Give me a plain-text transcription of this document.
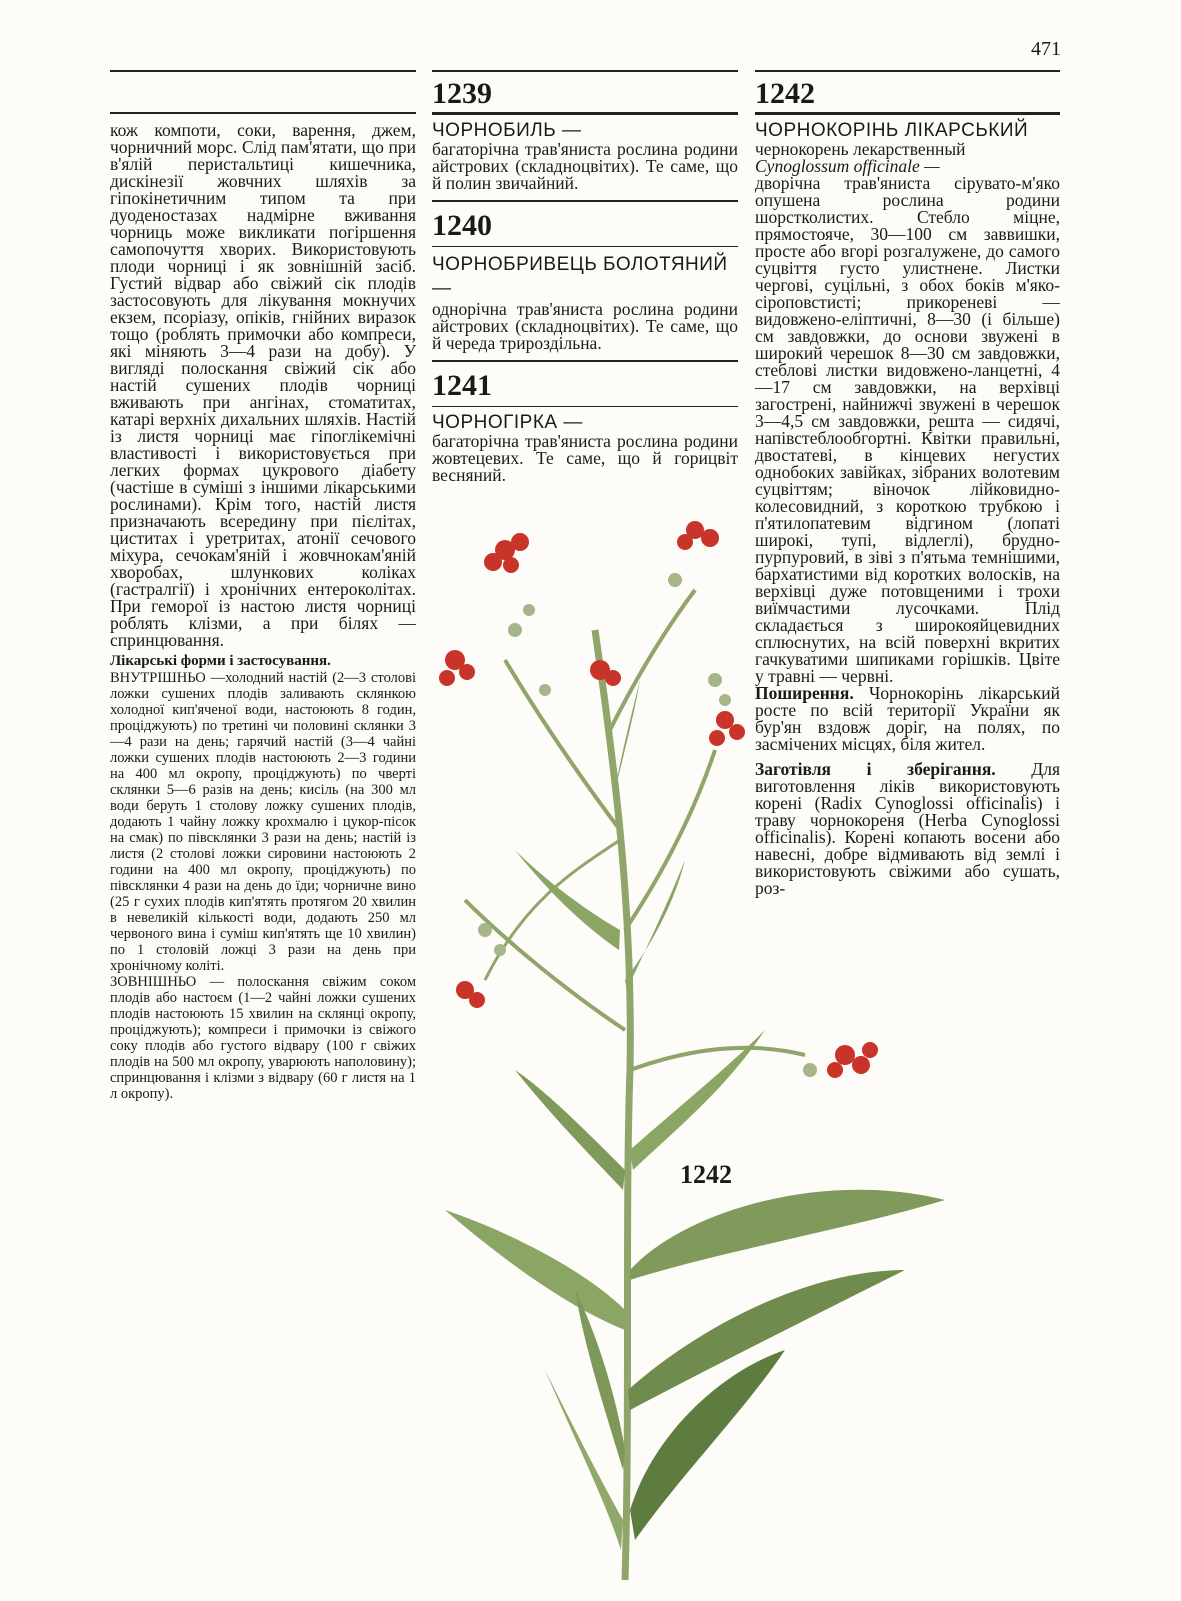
471

кож компоти, соки, варення, джем, чорничний морс. Слід пам'ятати, що при в'ялій перистальтиці кишечника, дискінезії жовчних шляхів за гіпокінетичним типом та при дуоденостазах надмірне вживання чорниць може викликати погіршення самопочуття хворих. Використовують плоди чорниці і як зовнішній засіб. Густий відвар або свіжий сік плодів застосовують для лікування мокнучих екзем, псоріазу, опіків, гнійних виразок тощо (роблять примочки або компреси, які міняють 3—4 рази на добу). У вигляді полоскання свіжий сік або настій сушених плодів чорниці вживають при ангінах, стоматитах, катарі верхніх дихальних шляхів. Настій із листя чорниці має гіпоглікемічні властивості і використовується при легких формах цукрового діабету (частіше в суміші з іншими лікарськими рослинами). Крім того, настій листя призначають всередину при пієлітах, циститах і уретритах, атонії сечового міхура, сечокам'яній і жовчнокам'яній хворобах, шлункових коліках (гастралгії) і хронічних ентероколітах. При геморої із настою листя чорниці роблять клізми, а при білях — спринцювання.

Лікарські форми і застосування.

ВНУТРІШНЬО —холодний настій (2—3 столові ложки сушених плодів заливають склянкою холодної кип'яченої води, настоюють 8 годин, проціджують) по третині чи половині склянки 3—4 рази на день; гарячий настій (3—4 чайні ложки сушених плодів настоюють 2—3 години на 400 мл окропу, проціджують) по чверті склянки 5—6 разів на день; кисіль (на 300 мл води беруть 1 столову ложку сушених плодів, додають 1 чайну ложку крохмалю і цукор-пісок на смак) по півсклянки 3 рази на день; настій із листя (2 столові ложки сировини настоюють 2 години на 400 мл окропу, проціджують) по півсклянки 4 рази на день до їди; чорничне вино (25 г сухих плодів кип'ятять протягом 20 хвилин в невеликій кількості води, додають 250 мл червоного вина і суміш кип'ятять ще 10 хвилин) по 1 столовій ложці 3 рази на день при хронічному коліті.

ЗОВНІШНЬО — полоскання свіжим соком плодів або настоєм (1—2 чайні ложки сушених плодів настоюють 15 хвилин на склянці окропу, проціджують); компреси і примочки із свіжого соку плодів або густого відвару (100 г свіжих плодів на 500 мл окропу, уварюють наполовину); спринцювання і клізми з відвару (60 г листя на 1 л окропу).

1239

ЧОРНОБИЛЬ —

багаторічна трав'яниста рослина родини айстрових (складноцвітих). Те саме, що й полин звичайний.

1240

ЧОРНОБРИВЕЦЬ БОЛОТЯНИЙ —

однорічна трав'яниста рослина родини айстрових (складноцвітих). Те саме, що й череда трироздільна.

1241

ЧОРНОГІРКА —

багаторічна трав'яниста рослина родини жовтецевих. Те саме, що й горицвіт весняний.

1242

ЧОРНОКОРІНЬ ЛІКАРСЬКИЙ

чернокорень лекарственный

Cynoglossum officinale —

дворічна трав'яниста сірувато-м'яко опушена рослина родини шорстколистих. Стебло міцне, прямостояче, 30—100 см заввишки, просте або вгорі розгалужене, до самого суцвіття густо улистнене. Листки чергові, суцільні, з обох боків м'яко-сіроповстисті; прикореневі — видовжено-еліптичні, 8—30 (і більше) см завдовжки, до основи звужені в широкий черешок 8—30 см завдовжки, стеблові листки видовжено-ланцетні, 4—17 см завдовжки, на верхівці загострені, найнижчі звужені в черешок 3—4,5 см завдовжки, решта — сидячі, напівстеблообгортні. Квітки правильні, двостатеві, в кінцевих негустих однобоких завійках, зібраних волотевим суцвіттям; віночок лійковидно-колесовидний, з короткою трубкою і п'ятилопатевим відгином (лопаті широкі, тупі, відлеглі), брудно-пурпуровий, в зіві з п'ятьма темнішими, бархатистими від коротких волосків, на верхівці дуже потовщеними і трохи виїмчастими лусочками. Плід складається з широкояйцевидних сплюснутих, на всій поверхні вкритих гачкуватими шипиками горішків. Цвіте у травні — червні.

Поширення. Чорнокорінь лікарський росте по всій території України як бур'ян вздовж доріг, на полях, по засмічених місцях, біля жител.

Заготівля і зберігання. Для виготовлення ліків використовують корені (Radix Cynoglossi officinalis) і траву чорнокореня (Herba Cynoglossi officinalis). Корені копають восени або навесні, добре відмивають від землі і використовують свіжими або сушать, роз-

1242
